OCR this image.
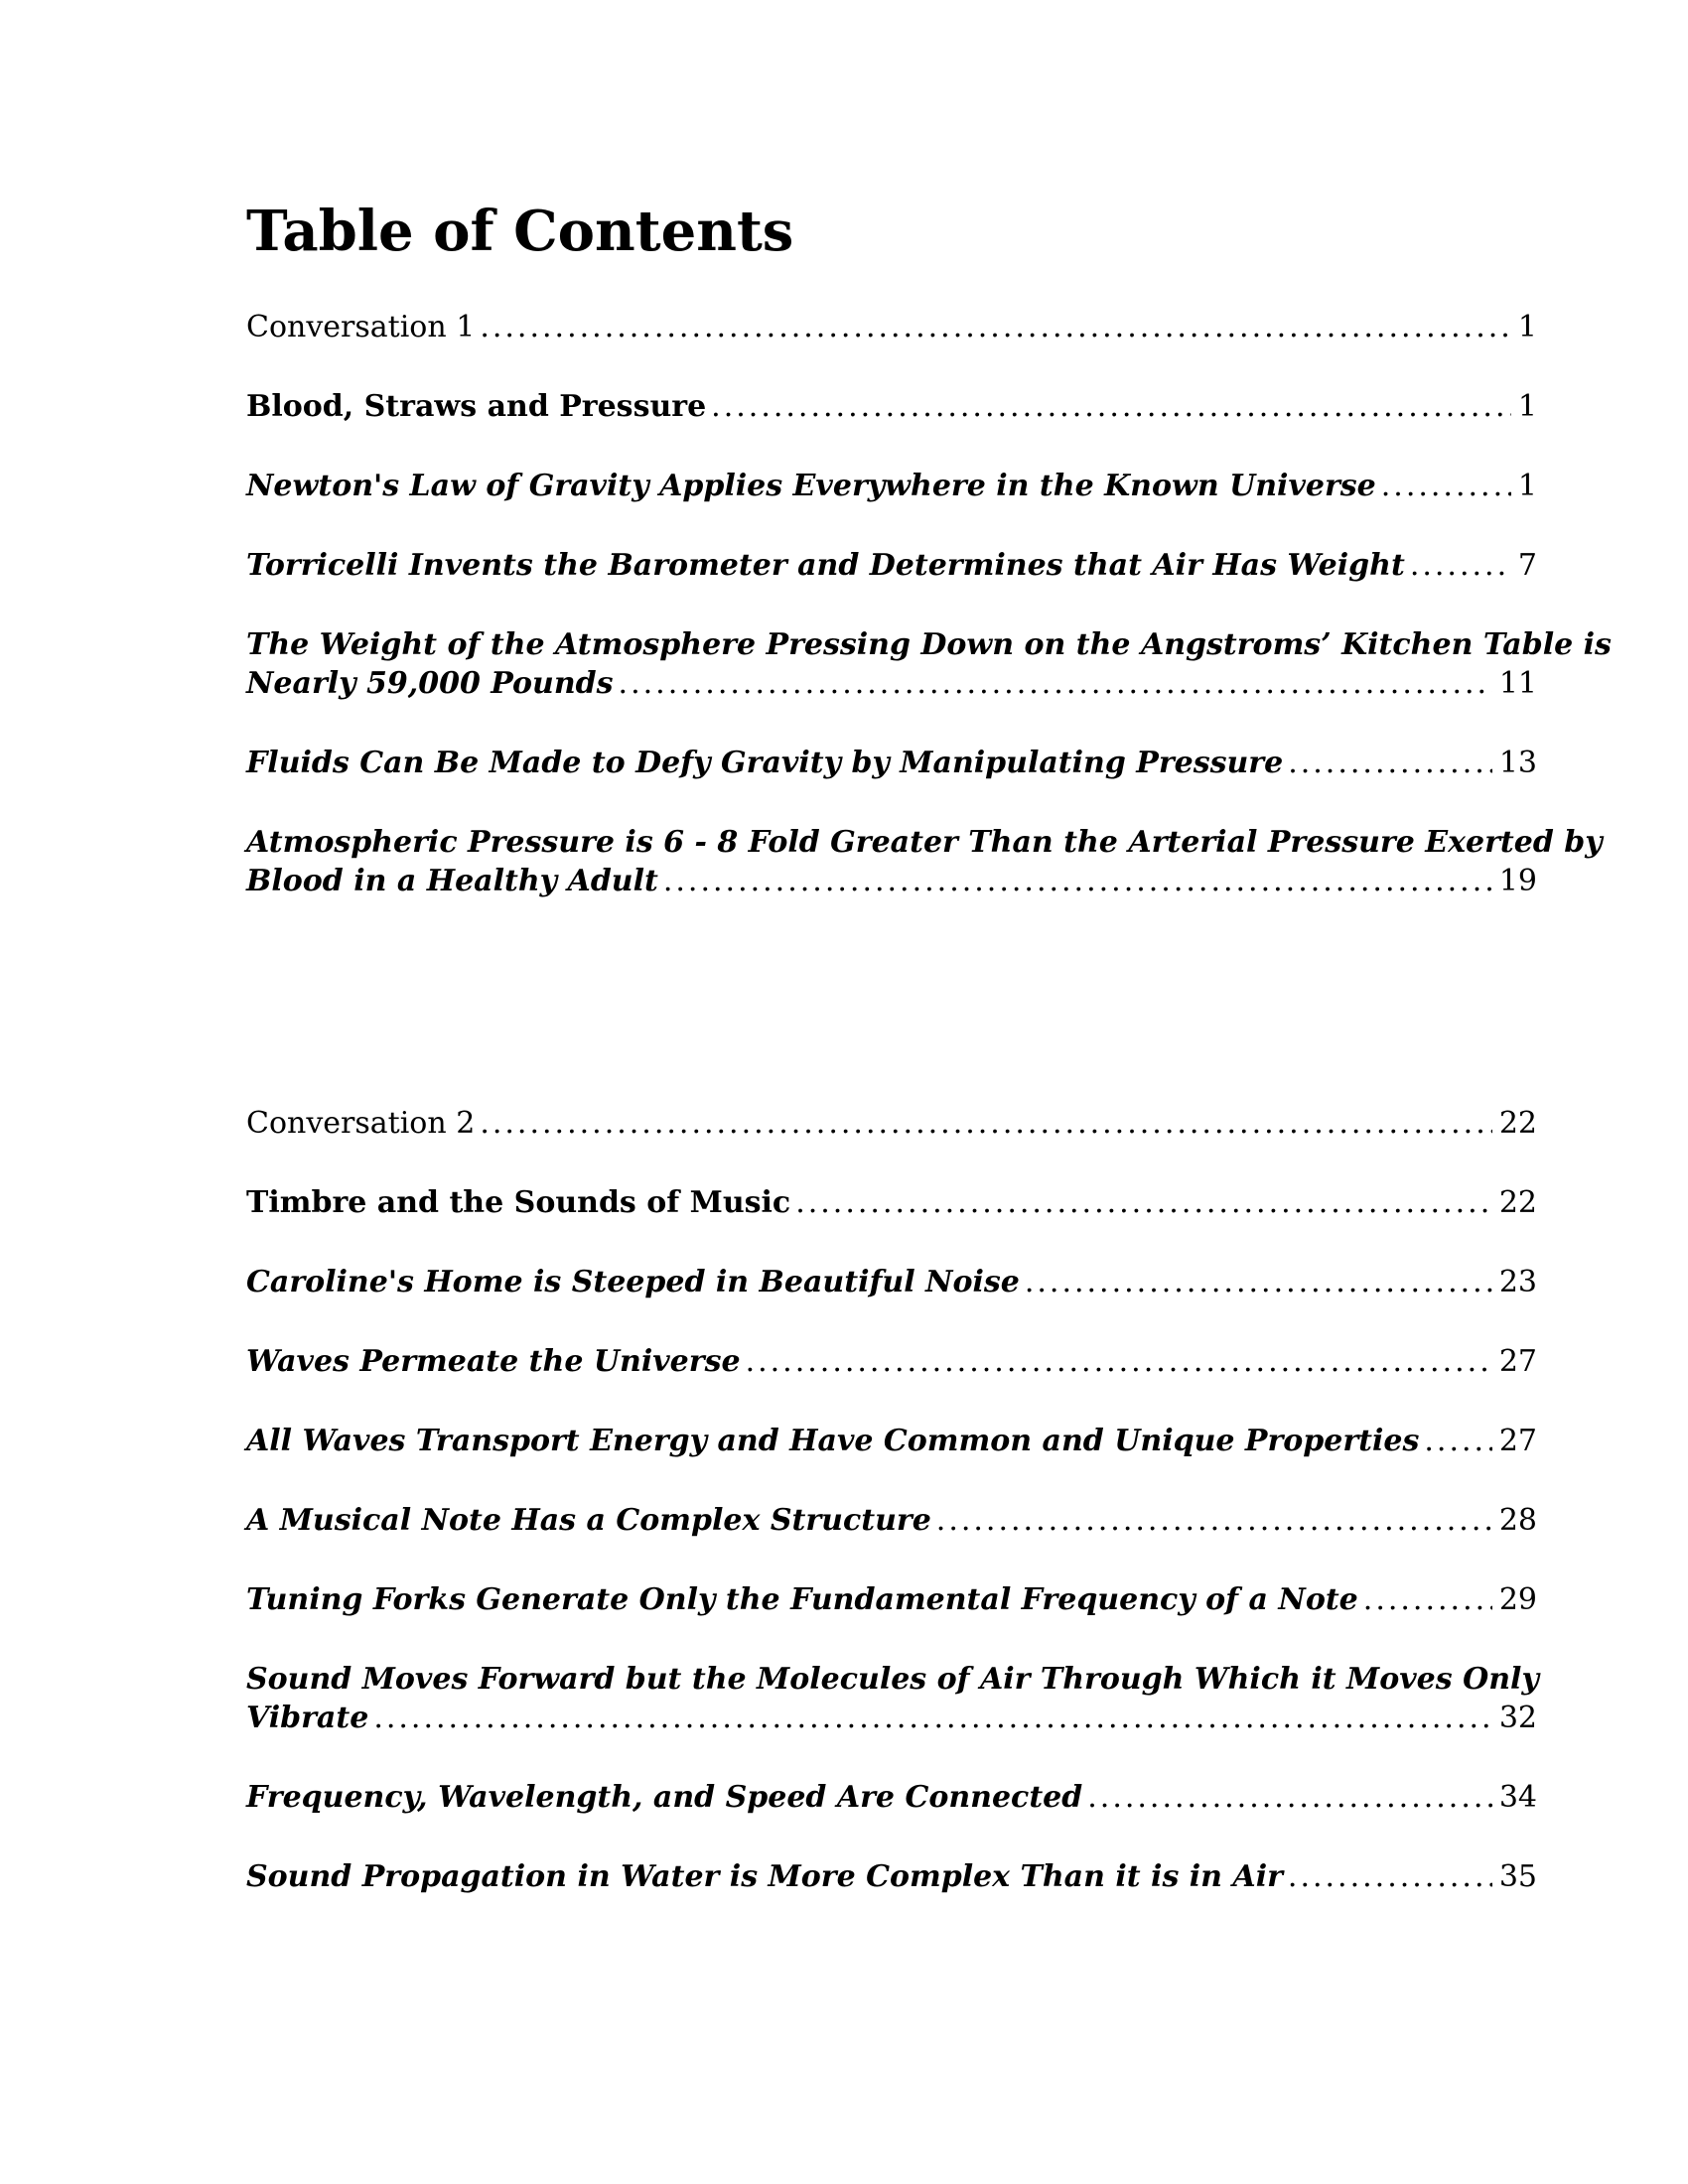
Table of Contents
Conversation 1 .....	1
Blood, Straws and Pressure .....	1
Newton's Law of Gravity Applies Everywhere in the Known Universe .....	1
Torricelli Invents the Barometer and Determines that Air Has Weight .....	7
The Weight of the Atmosphere Pressing Down on the Angstroms’ Kitchen Table is
Nearly 59,000 Pounds .....	11
Fluids Can Be Made to Defy Gravity by Manipulating Pressure .....	13
Atmospheric Pressure is 6 - 8 Fold Greater Than the Arterial Pressure Exerted by
Blood in a Healthy Adult .....	19
Conversation 2 .....	22
Timbre and the Sounds of Music .....	22
Caroline's Home is Steeped in Beautiful Noise .....	23
Waves Permeate the Universe .....	27
All Waves Transport Energy and Have Common and Unique Properties .....	27
A Musical Note Has a Complex Structure .....	28
Tuning Forks Generate Only the Fundamental Frequency of a Note .....	29
Sound Moves Forward but the Molecules of Air Through Which it Moves Only
Vibrate .....	32
Frequency, Wavelength, and Speed Are Connected .....	34
Sound Propagation in Water is More Complex Than it is in Air .....	35
